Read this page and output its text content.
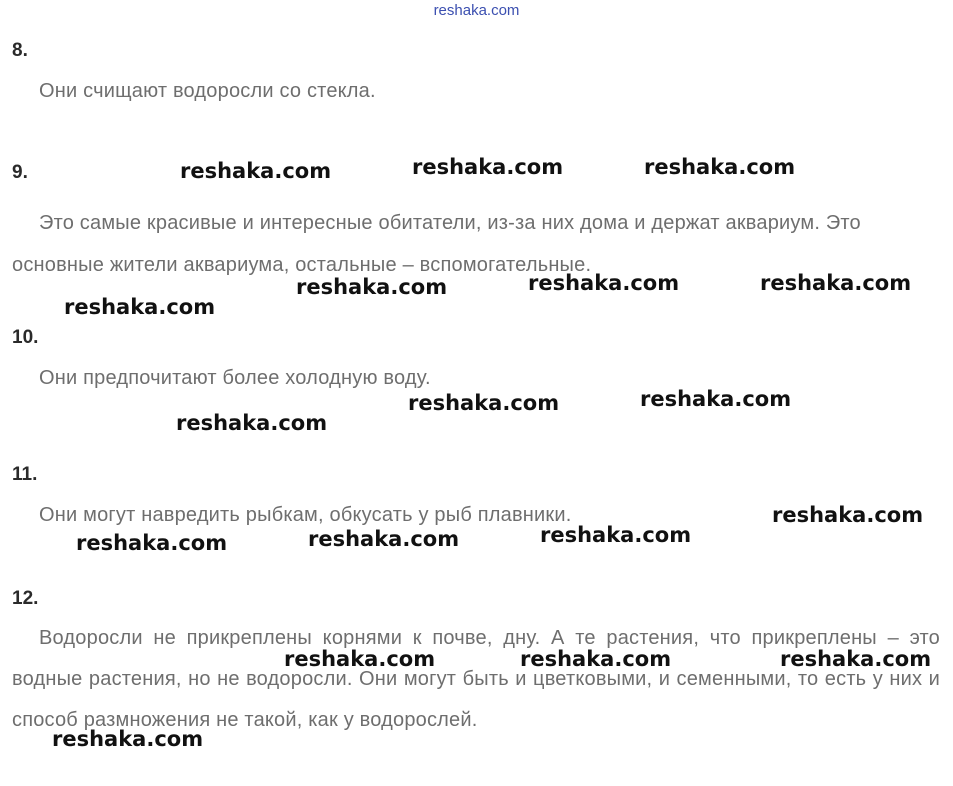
reshaka.com
8.
Они счищают водоросли со стекла.
9.
Это самые красивые и интересные обитатели, из-за них дома и держат аквариум. Это основные жители аквариума, остальные – вспомогательные.
10.
Они предпочитают более холодную воду.
11.
Они могут навредить рыбкам, обкусать у рыб плавники.
12.
Водоросли не прикреплены корнями к почве, дну. А те растения, что прикреплены – это водные растения, но не водоросли. Они могут быть и цветковыми, и семенными, то есть у них и способ размножения не такой, как у водорослей.
reshaka.com	reshaka.com	reshaka.com
reshaka.com
reshaka.com	reshaka.com	reshaka.com
reshaka.com
reshaka.com	reshaka.com
reshaka.com	reshaka.com	reshaka.com
reshaka.com
reshaka.com	reshaka.com	reshaka.com
reshaka.com
